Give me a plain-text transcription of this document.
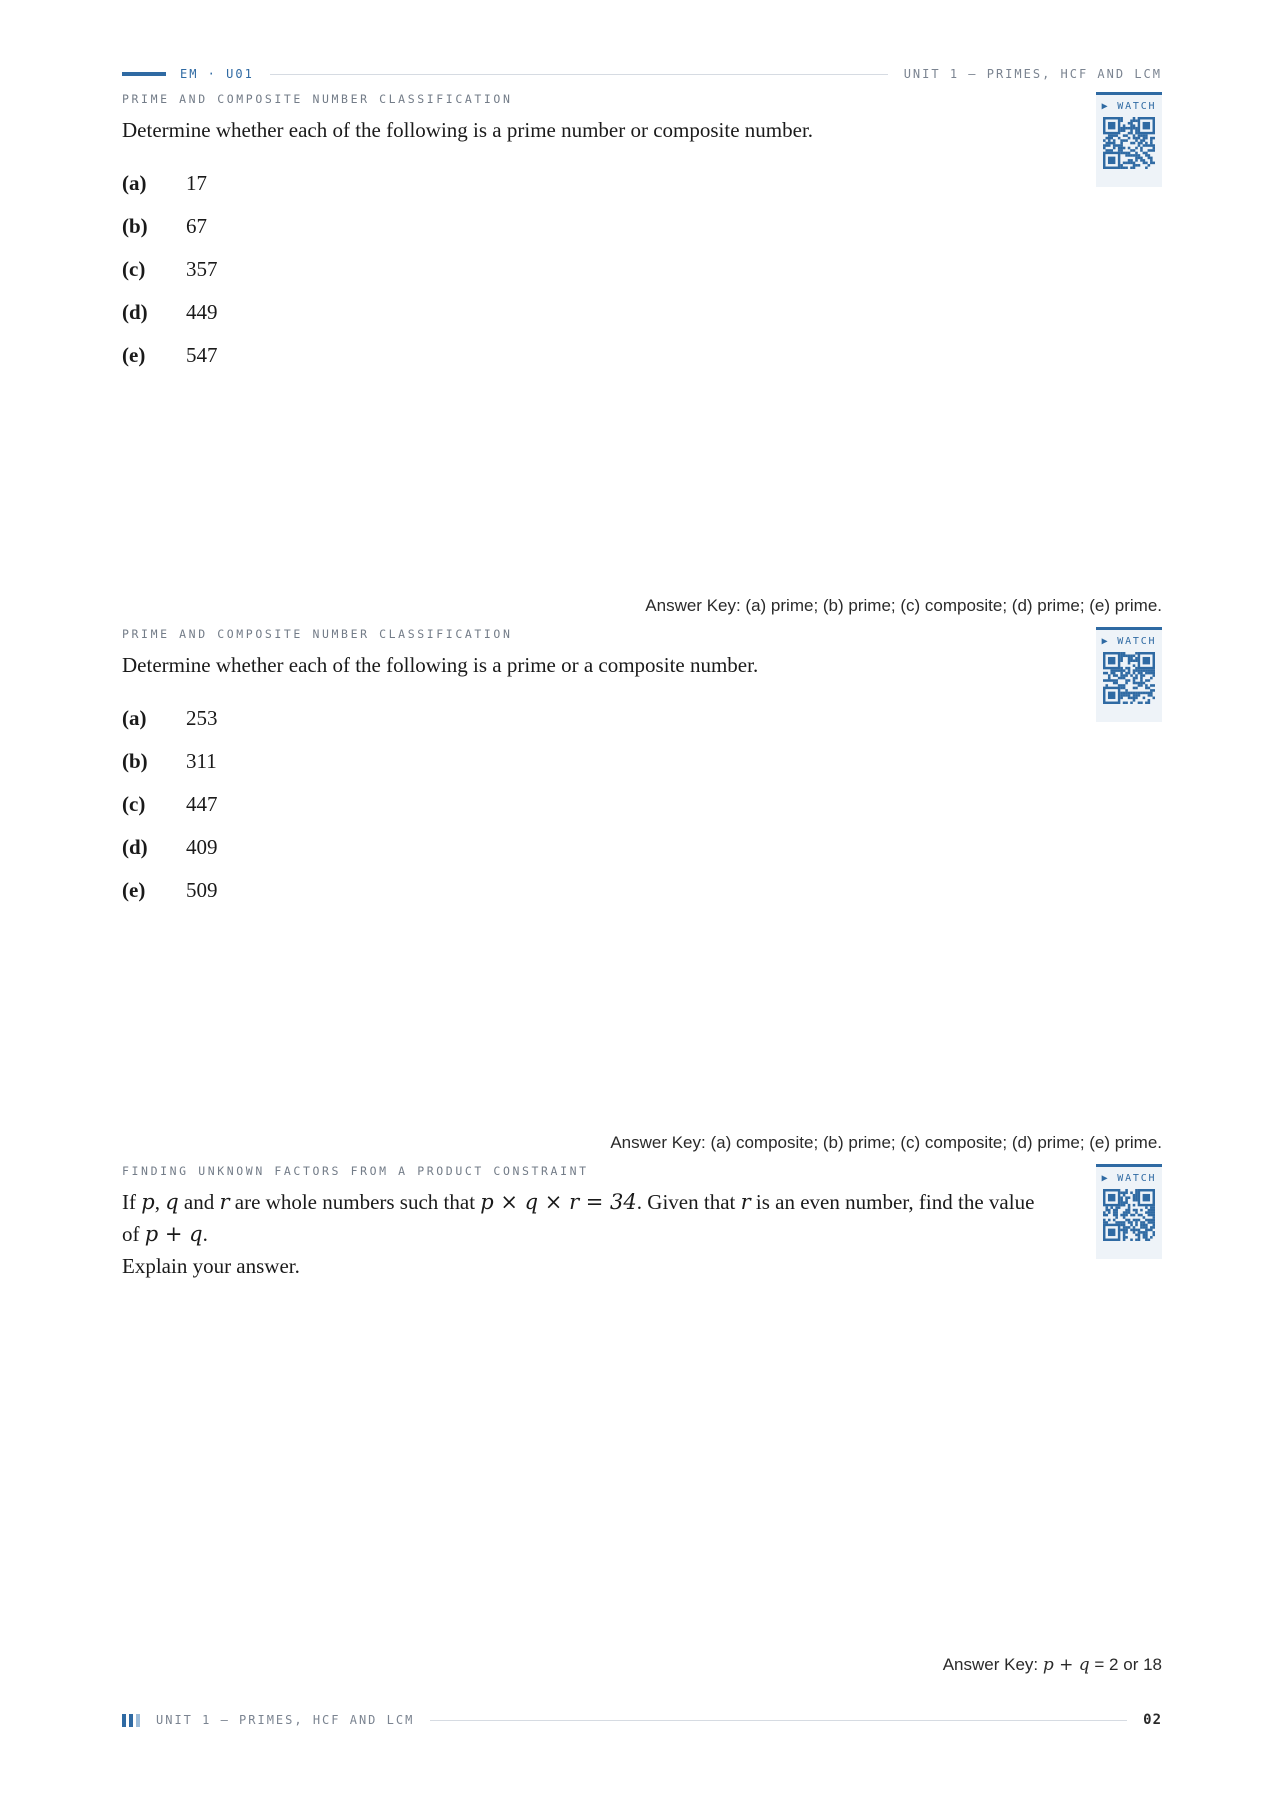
EM · U01	UNIT 1 – PRIMES, HCF AND LCM
PRIME AND COMPOSITE NUMBER CLASSIFICATION
Determine whether each of the following is a prime number or composite number.
(a)	17
(b)	67
(c)	357
(d)	449
(e)	547
▶ WATCH
Answer Key: (a) prime; (b) prime; (c) composite; (d) prime; (e) prime.
PRIME AND COMPOSITE NUMBER CLASSIFICATION
Determine whether each of the following is a prime or a composite number.
(a)	253
(b)	311
(c)	447
(d)	409
(e)	509
▶ WATCH
Answer Key: (a) composite; (b) prime; (c) composite; (d) prime; (e) prime.
FINDING UNKNOWN FACTORS FROM A PRODUCT CONSTRAINT
If p, q and r are whole numbers such that p × q × r = 34. Given that r is an even number, find the value of p + q.
Explain your answer.
▶ WATCH
Answer Key: p + q = 2 or 18
UNIT 1 – PRIMES, HCF AND LCM	02
